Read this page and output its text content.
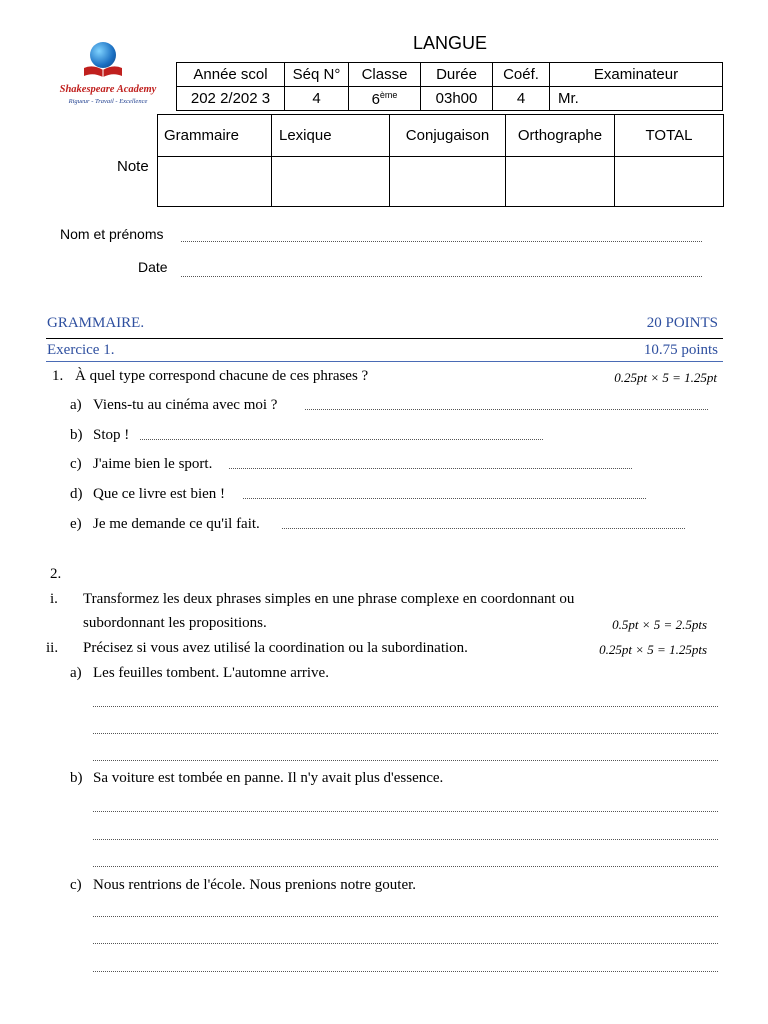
Shakespeare Academy
Rigueur - Travail - Excellence
LANGUE
Année scol	Séq N°	Classe	Durée	Coéf.	Examinateur
202 2/202 3	4	6ème	03h00	4	Mr.
Note
Grammaire	Lexique	Conjugaison	Orthographe	TOTAL

Nom et prénoms
Date
GRAMMAIRE.	20 POINTS
Exercice 1.	10.75 points
1. À quel type correspond chacune de ces phrases ?	0.25pt × 5 = 1.25pt
a) Viens-tu au cinéma avec moi ?
b) Stop !
c) J'aime bien le sport.
d) Que ce livre est bien !
e) Je me demande ce qu'il fait.
2.
i. Transformez les deux phrases simples en une phrase complexe en coordonnant ou
subordonnant les propositions.	0.5pt × 5 = 2.5pts
ii. Précisez si vous avez utilisé la coordination ou la subordination.	0.25pt × 5 = 1.25pts
a) Les feuilles tombent. L'automne arrive.
b) Sa voiture est tombée en panne. Il n'y avait plus d'essence.
c) Nous rentrions de l'école. Nous prenions notre gouter.
